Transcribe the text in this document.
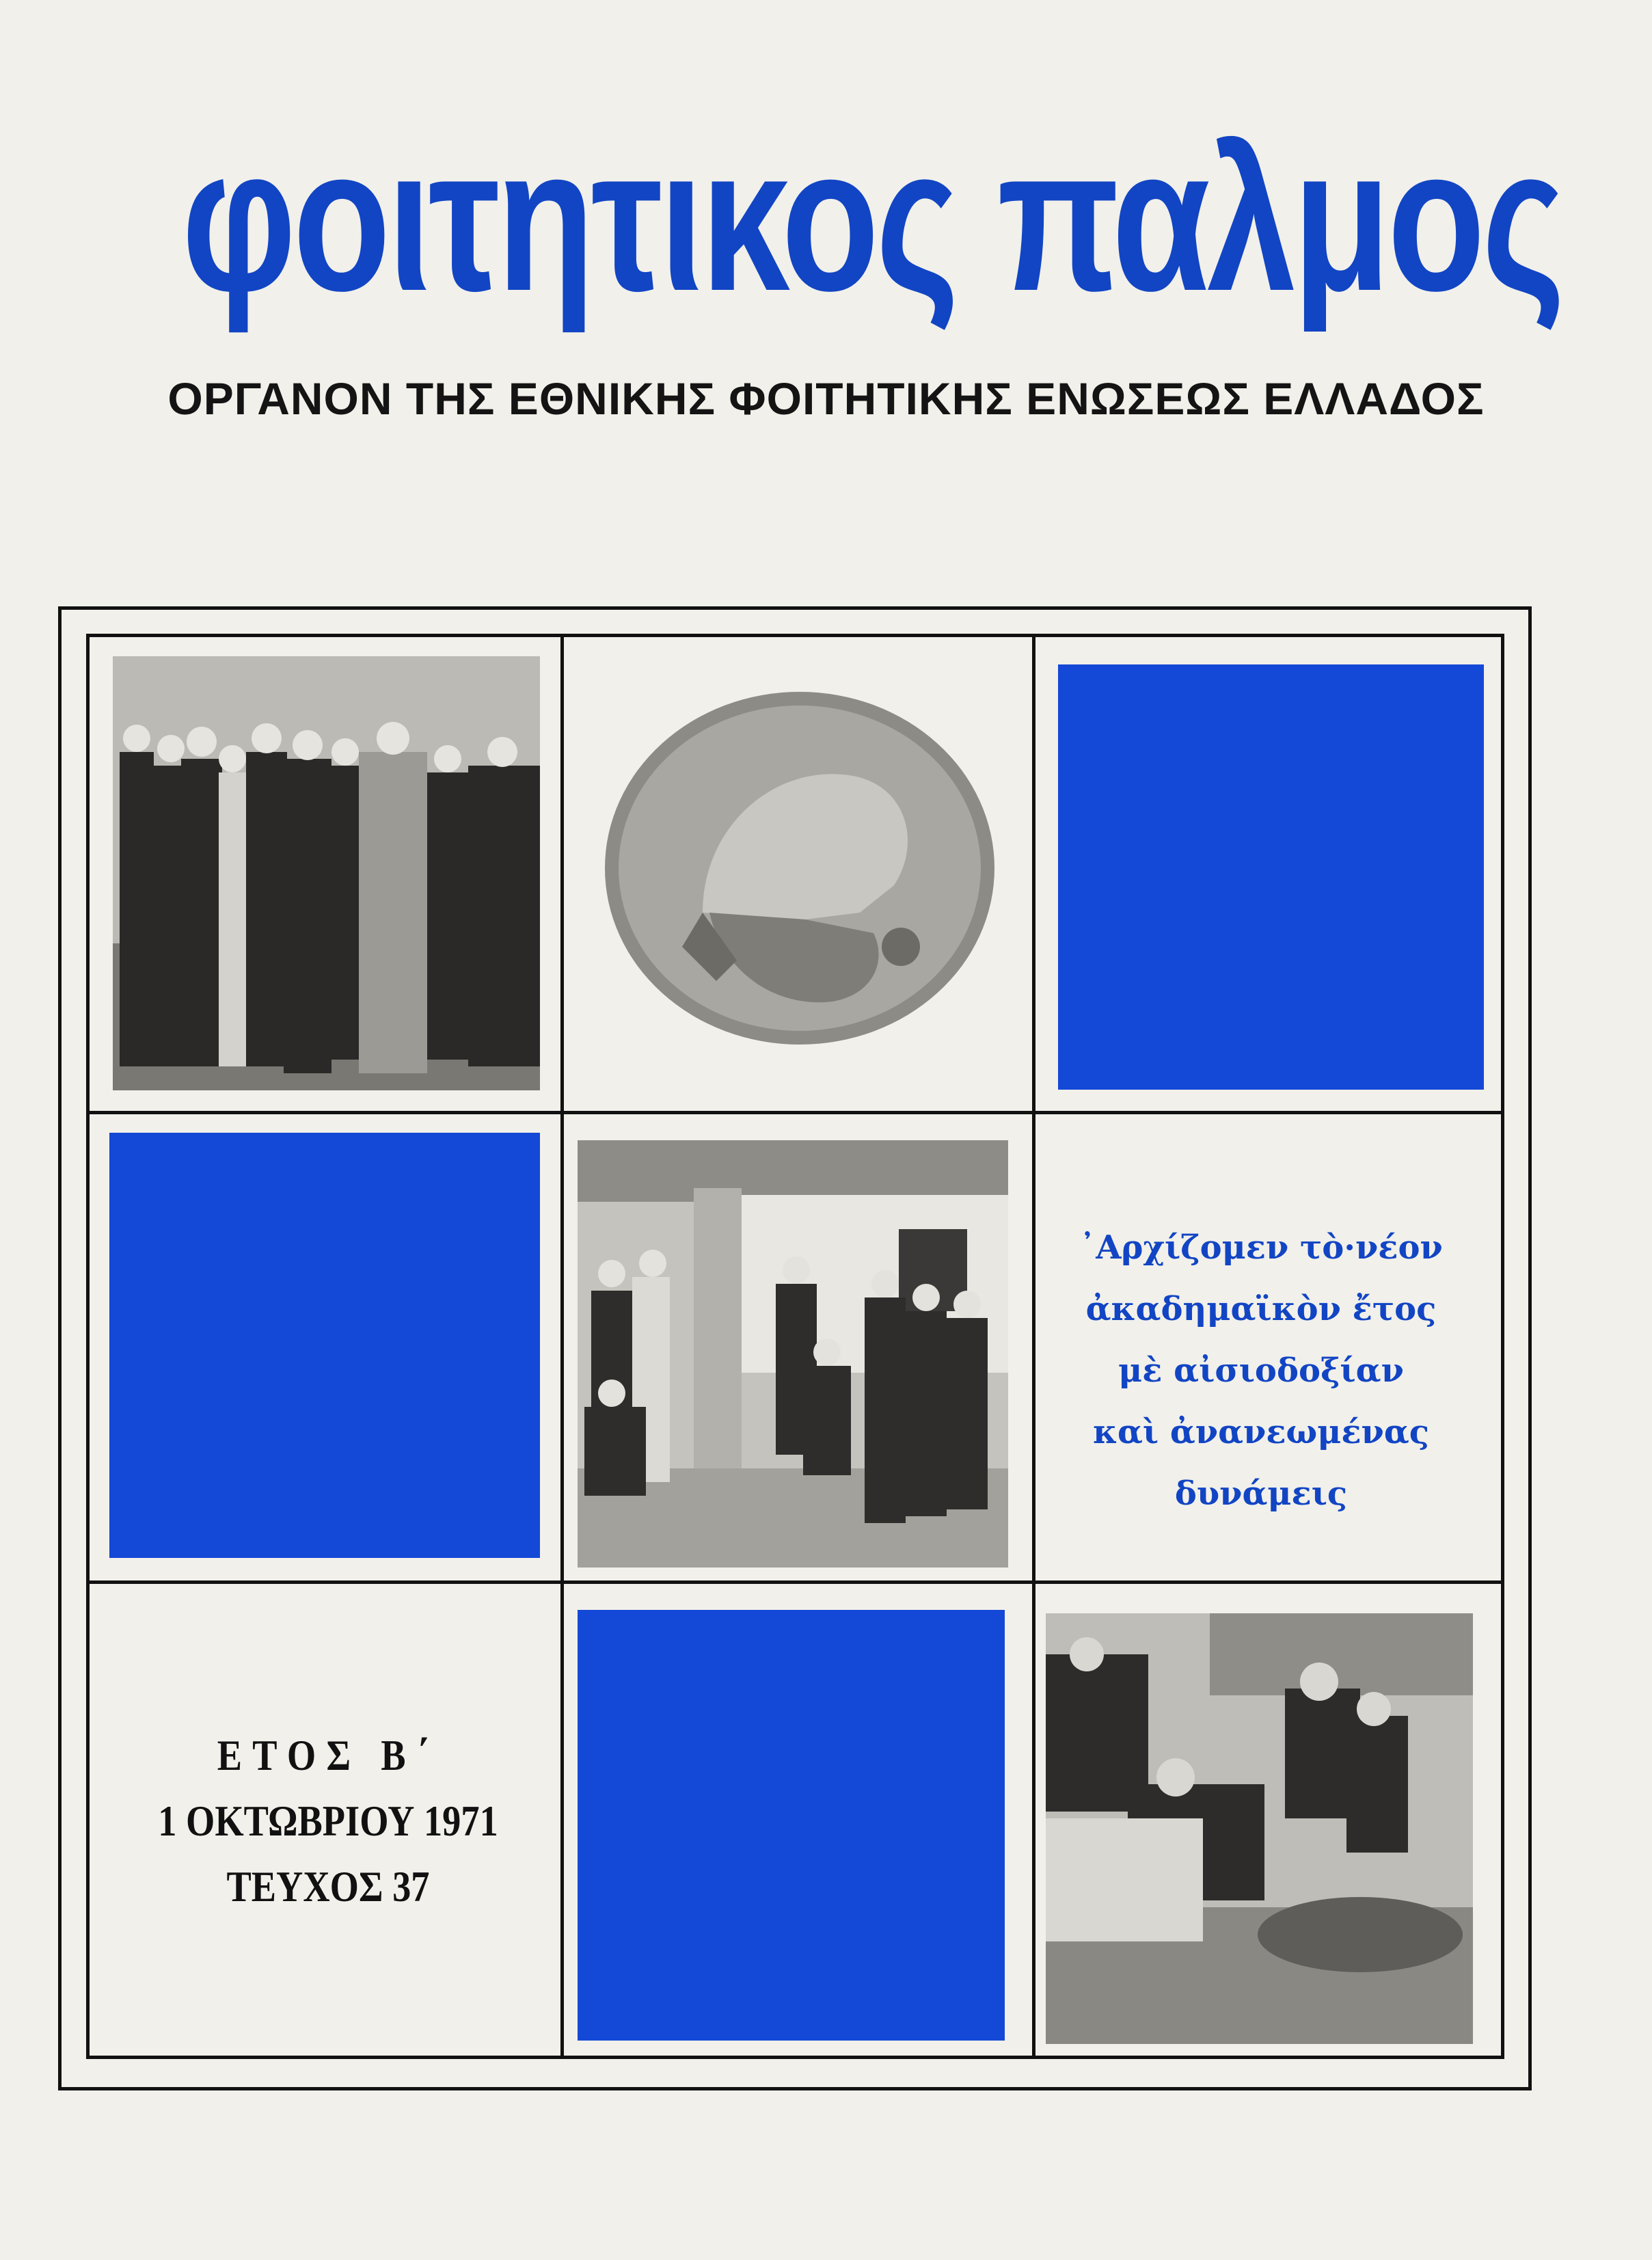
φοιτητικος παλμος
ΟΡΓΑΝΟΝ ΤΗΣ ΕΘΝΙΚΗΣ ΦΟΙΤΗΤΙΚΗΣ ΕΝΩΣΕΩΣ ΕΛΛΑΔΟΣ
᾿Αρχίζομεν τὸ·νέον
ἀκαδημαϊκὸν ἔτος
μὲ αἰσιοδοξίαν
καὶ ἀνανεωμένας
δυνάμεις
ΕΤΟΣ Β΄
1 ΟΚΤΩΒΡΙΟΥ 1971
ΤΕΥΧΟΣ 37
